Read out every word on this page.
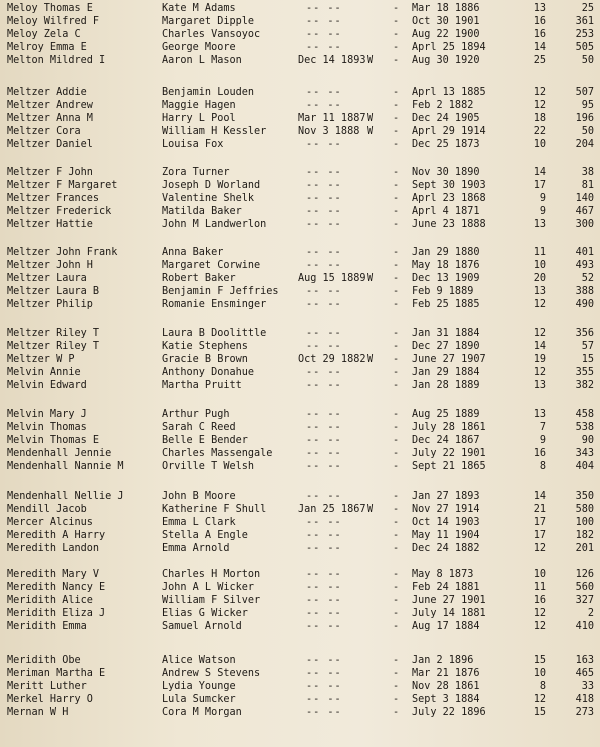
Meloy Thomas E	Kate M Adams	-- --	- Mar 18 1886	13	25
Meloy Wilfred F	Margaret Dipple	-- --	- Oct 30 1901	16	361
Meloy Zela C	Charles Vansoyoc	-- --	- Aug 22 1900	16	253
Melroy Emma E	George Moore	-- --	- Aprl 25 1894	14	505
Melton Mildred I	Aaron L Mason	Dec 14 1893 W - Aug 30 1920	25	50
Meltzer Addie	Benjamin Louden	-- --	- Aprl 13 1885	12	507
Meltzer Andrew	Maggie Hagen	-- --	- Feb 2 1882	12	95
Meltzer Anna M	Harry L Pool	Mar 11 1887 W - Dec 24 1905	18	196
Meltzer Cora	William H Kessler	Nov 3 1888 W - Aprl 29 1914	22	50
Meltzer Daniel	Louisa Fox	-- --	- Dec 25 1873	10	204
Meltzer F John	Zora Turner	-- --	- Nov 30 1890	14	38
Meltzer F Margaret	Joseph D Worland	-- --	- Sept 30 1903	17	81
Meltzer Frances	Valentine Shelk	-- --	- Aprl 23 1868	9	140
Meltzer Frederick	Matilda Baker	-- --	- Aprl 4 1871	9	467
Meltzer Hattie	John M Landwerlon	-- --	- June 23 1888	13	300
Meltzer John Frank	Anna Baker	-- --	- Jan 29 1880	11	401
Meltzer John H	Margaret Corwine	-- --	- May 18 1876	10	493
Meltzer Laura	Robert Baker	Aug 15 1889 W - Dec 13 1909	20	52
Meltzer Laura B	Benjamin F Jeffries	-- --	- Feb 9 1889	13	388
Meltzer Philip	Romanie Ensminger	-- --	- Feb 25 1885	12	490
Meltzer Riley T	Laura B Doolittle	-- --	- Jan 31 1884	12	356
Meltzer Riley T	Katie Stephens	-- --	- Dec 27 1890	14	57
Meltzer W P	Gracie B Brown	Oct 29 1882 W - June 27 1907	19	15
Melvin Annie	Anthony Donahue	-- --	- Jan 29 1884	12	355
Melvin Edward	Martha Pruitt	-- --	- Jan 28 1889	13	382
Melvin Mary J	Arthur Pugh	-- --	- Aug 25 1889	13	458
Melvin Thomas	Sarah C Reed	-- --	- July 28 1861	7	538
Melvin Thomas E	Belle E Bender	-- --	- Dec 24 1867	9	90
Mendenhall Jennie	Charles Massengale	-- --	- July 22 1901	16	343
Mendenhall Nannie M	Orville T Welsh	-- --	- Sept 21 1865	8	404
Mendenhall Nellie J	John B Moore	-- --	- Jan 27 1893	14	350
Mendill Jacob	Katherine F Shull	Jan 25 1867 W - Nov 27 1914	21	580
Mercer Alcinus	Emma L Clark	-- --	- Oct 14 1903	17	100
Meredith A Harry	Stella A Engle	-- --	- May 11 1904	17	182
Meredith Landon	Emma Arnold	-- --	- Dec 24 1882	12	201
Meredith Mary V	Charles H Morton	-- --	- May 8 1873	10	126
Meredith Nancy E	John A L Wicker	-- --	- Feb 24 1881	11	560
Meridith Alice	William F Silver	-- --	- June 27 1901	16	327
Meridith Eliza J	Elias G Wicker	-- --	- July 14 1881	12	2
Meridith Emma	Samuel Arnold	-- --	- Aug 17 1884	12	410
Meridith Obe	Alice Watson	-- --	- Jan 2 1896	15	163
Meriman Martha E	Andrew S Stevens	-- --	- Mar 21 1876	10	465
Meritt Luther	Lydia Younge	-- --	- Nov 28 1861	8	33
Merkel Harry O	Lula Sumcker	-- --	- Sept 3 1884	12	418
Mernan W H	Cora M Morgan	-- --	- July 22 1896	15	273
